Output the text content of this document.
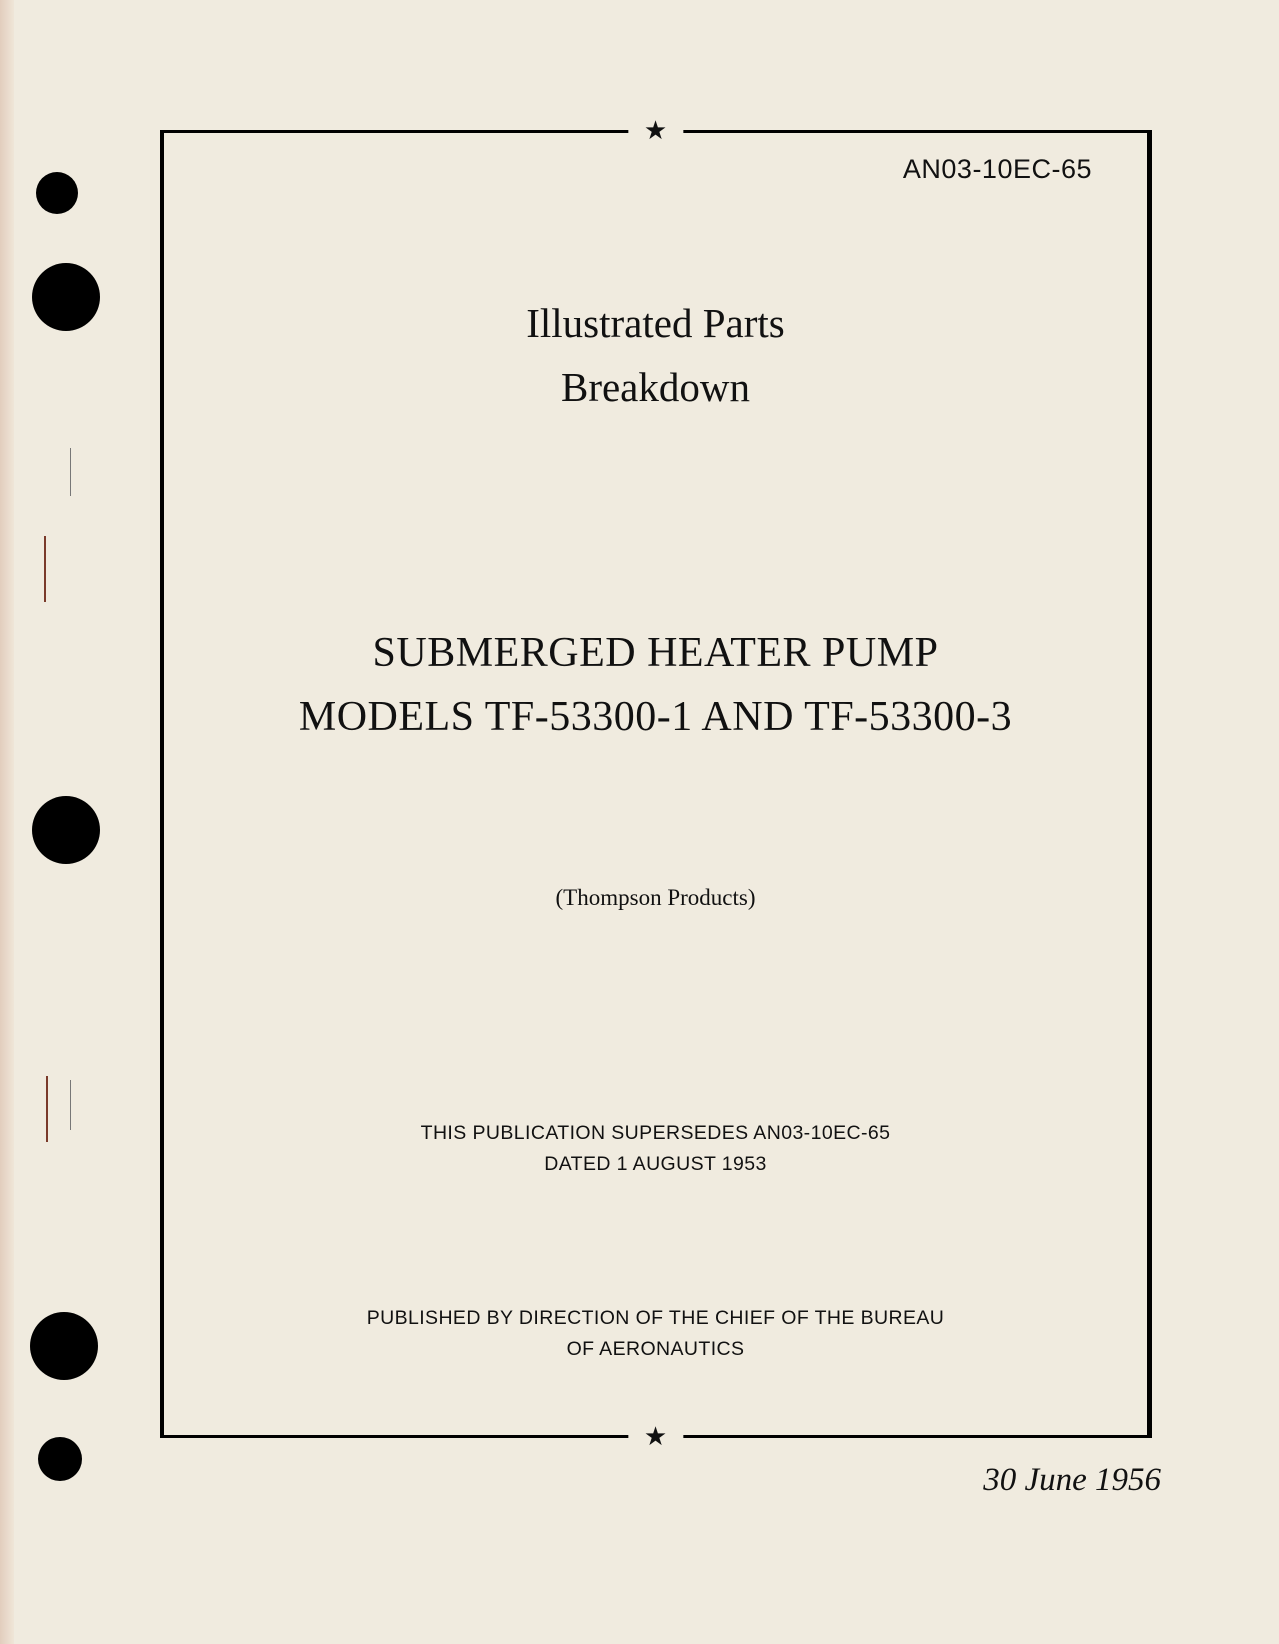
★
★
AN03-10EC-65
Illustrated Parts
Breakdown
SUBMERGED HEATER PUMP
MODELS TF-53300-1 AND TF-53300-3
(Thompson Products)
THIS PUBLICATION SUPERSEDES AN03-10EC-65
DATED 1 AUGUST 1953
PUBLISHED BY DIRECTION OF THE CHIEF OF THE BUREAU
OF AERONAUTICS
30 June 1956
